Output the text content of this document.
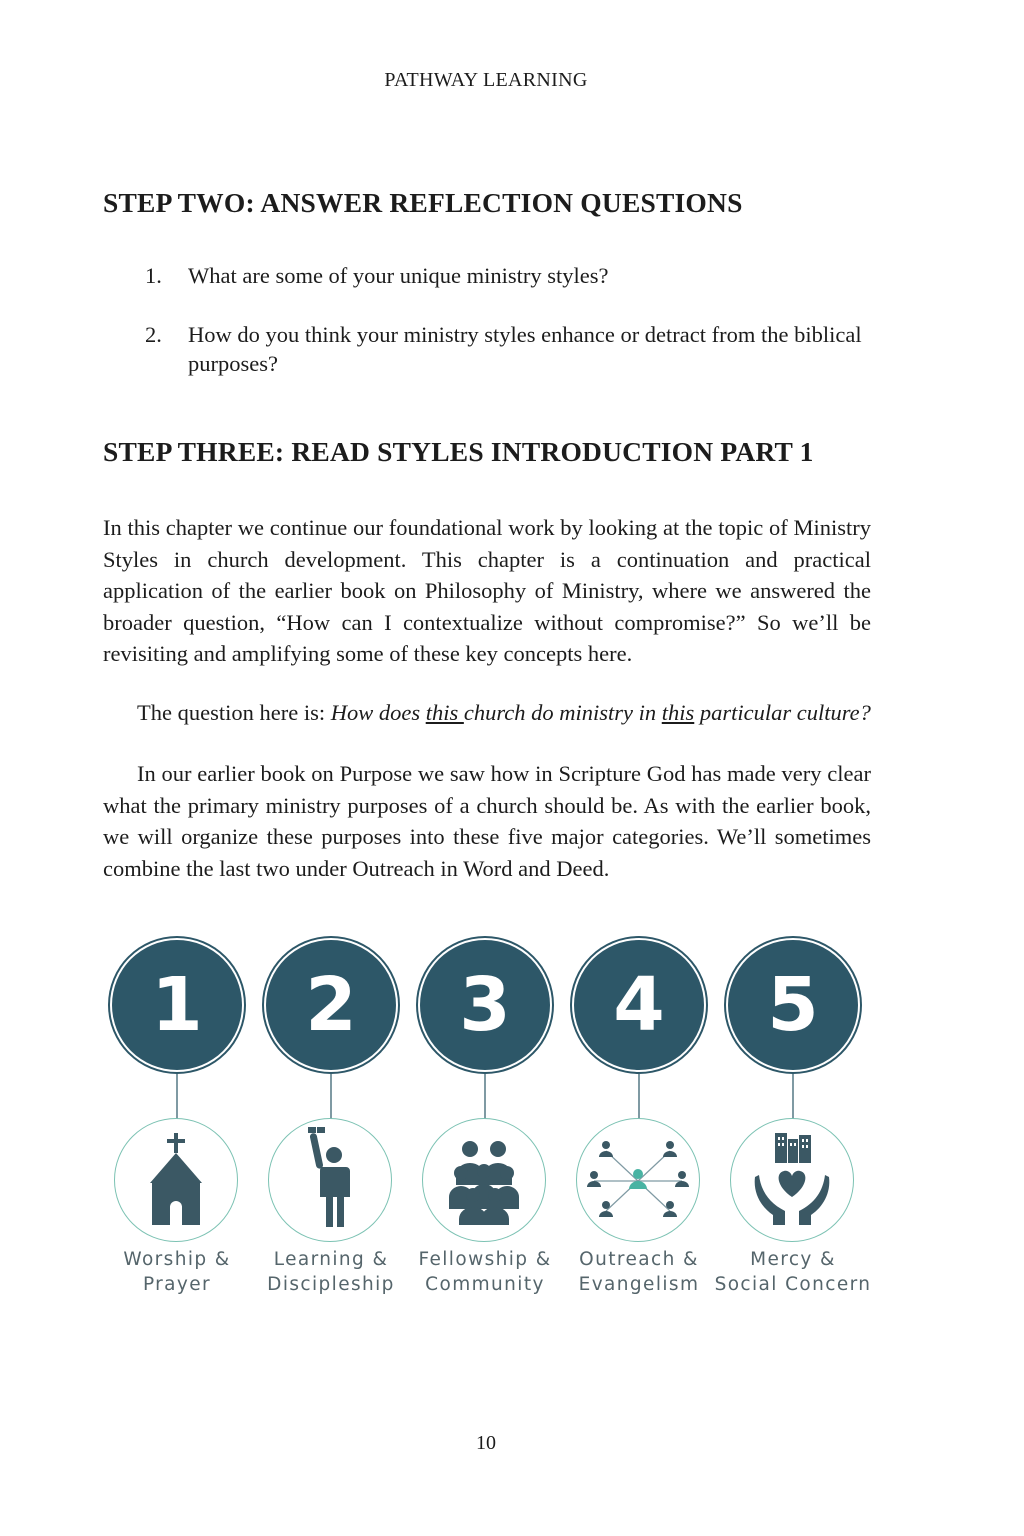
PATHWAY LEARNING
STEP TWO: ANSWER REFLECTION QUESTIONS
1. What are some of your unique ministry styles?
2. How do you think your ministry styles enhance or detract from the biblical purposes?
STEP THREE: READ STYLES INTRODUCTION PART 1

In this chapter we continue our foundational work by looking at the topic of Ministry Styles in church development. This chapter is a continuation and practical application of the earlier book on Philosophy of Ministry, where we answered the broader question, “How can I contextualize without compromise?” So we’ll be revisiting and amplifying some of these key concepts here.

The question here is: How does this church do ministry in this particular culture?

In our earlier book on Purpose we saw how in Scripture God has made very clear what the primary ministry purposes of a church should be. As with the earlier book, we will organize these purposes into these five major categories. We’ll sometimes combine the last two under Outreach in Word and Deed.

1
Worship &
Prayer
2
Learning &
Discipleship
3
Fellowship &
Community
4
Outreach &
Evangelism
5
Mercy &
Social Concern
10
